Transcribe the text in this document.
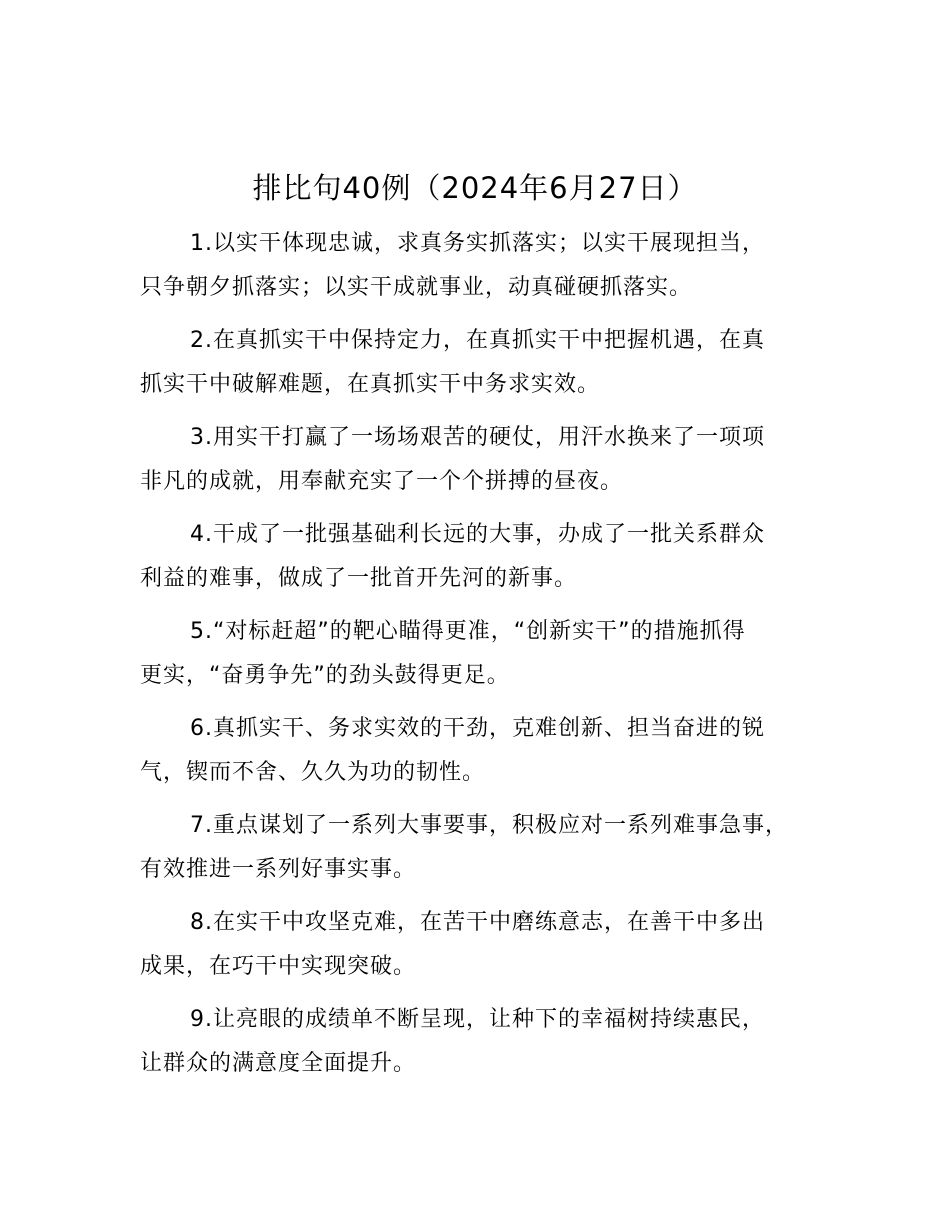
排比句40例（2024年6月27日）
1.以实干体现忠诚，求真务实抓落实；以实干展现担当，
只争朝夕抓落实；以实干成就事业，动真碰硬抓落实。
2.在真抓实干中保持定力，在真抓实干中把握机遇，在真
抓实干中破解难题，在真抓实干中务求实效。
3.用实干打赢了一场场艰苦的硬仗，用汗水换来了一项项
非凡的成就，用奉献充实了一个个拼搏的昼夜。
4.干成了一批强基础利长远的大事，办成了一批关系群众
利益的难事，做成了一批首开先河的新事。
5.“对标赶超”的靶心瞄得更准，“创新实干”的措施抓得
更实，“奋勇争先”的劲头鼓得更足。
6.真抓实干、务求实效的干劲，克难创新、担当奋进的锐
气，锲而不舍、久久为功的韧性。
7.重点谋划了一系列大事要事，积极应对一系列难事急事，
有效推进一系列好事实事。
8.在实干中攻坚克难，在苦干中磨练意志，在善干中多出
成果，在巧干中实现突破。
9.让亮眼的成绩单不断呈现，让种下的幸福树持续惠民，
让群众的满意度全面提升。
